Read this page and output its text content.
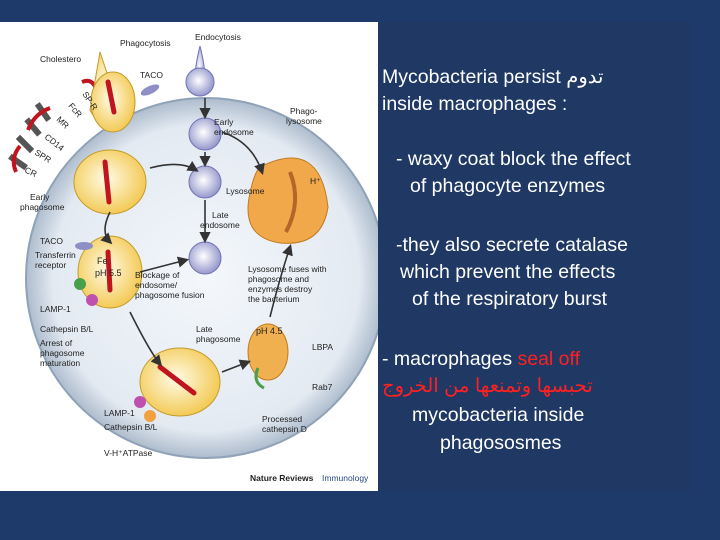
Cholestero
Phagocytosis
Endocytosis
TACO
Early
endosome
Phago-
lysosome
Early
phagosome
Lysosome
Late
endosome
TACO
Transferrin
receptor	Fe
pH 5.5 Blockage of
endosome/
phagosome fusion
Lysosome fuses with
phagosome and
enzymes destroy
the bacterium
LAMP-1
Cathepsin B/L
Arrest of
phagosome
maturation
Late
phagosome
pH 4.5
LBPA
LAMP-1
Cathepsin B/L
V-H⁺ATPase
Processed
cathepsin D
Rab7
H⁺
Nature Reviews Immunology
CR
SPR
CD14
MR
FcR
SP-R
Mycobacteria persist تدوم
inside macrophages :
- waxy coat block the effect
of phagocyte enzymes
-they also secrete catalase
which prevent the effects
of the respiratory burst
- macrophages seal off
تحبسها وتمنعها من الخروج
mycobacteria inside
phagososmes
